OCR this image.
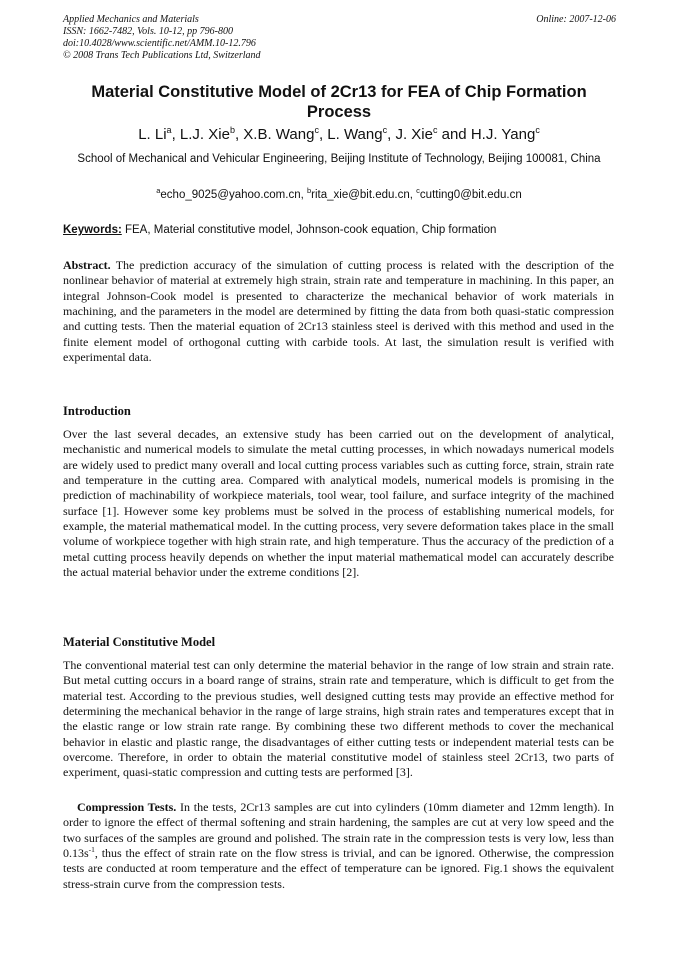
Applied Mechanics and Materials
ISSN: 1662-7482, Vols. 10-12, pp 796-800
doi:10.4028/www.scientific.net/AMM.10-12.796
© 2008 Trans Tech Publications Ltd, Switzerland
Online: 2007-12-06
Material Constitutive Model of 2Cr13 for FEA of Chip Formation Process
L. Li$^a$, L.J. Xie$^b$, X.B. Wang$^c$, L. Wang$^c$, J. Xie$^c$ and H.J. Yang$^c$
School of Mechanical and Vehicular Engineering, Beijing Institute of Technology, Beijing 100081, China
$^a$echo_9025@yahoo.com.cn, $^b$rita_xie@bit.edu.cn, $^c$cutting0@bit.edu.cn
Keywords: FEA, Material constitutive model, Johnson-cook equation, Chip formation
Abstract. The prediction accuracy of the simulation of cutting process is related with the description of the nonlinear behavior of material at extremely high strain, strain rate and temperature in machining. In this paper, an integral Johnson-Cook model is presented to characterize the mechanical behavior of work materials in machining, and the parameters in the model are determined by fitting the data from both quasi-static compression and cutting tests. Then the material equation of 2Cr13 stainless steel is derived with this method and used in the finite element model of orthogonal cutting with carbide tools. At last, the simulation result is verified with experimental data.
Introduction
Over the last several decades, an extensive study has been carried out on the development of analytical, mechanistic and numerical models to simulate the metal cutting processes, in which nowadays numerical models are widely used to predict many overall and local cutting process variables such as cutting force, strain, strain rate and temperature in the cutting area. Compared with analytical models, numerical models is promising in the prediction of machinability of workpiece materials, tool wear, tool failure, and surface integrity of the machined surface [1]. However some key problems must be solved in the process of establishing numerical models, for example, the material mathematical model. In the cutting process, very severe deformation takes place in the small volume of workpiece together with high strain rate, and high temperature. Thus the accuracy of the prediction of a metal cutting process heavily depends on whether the input material mathematical model can accurately describe the actual material behavior under the extreme conditions [2].
Material Constitutive Model
The conventional material test can only determine the material behavior in the range of low strain and strain rate. But metal cutting occurs in a board range of strains, strain rate and temperature, which is difficult to get from the material test. According to the previous studies, well designed cutting tests may provide an effective method for determining the mechanical behavior in the range of large strains, high strain rates and temperatures except that in the elastic range or low strain rate range. By combining these two different methods to cover the mechanical behavior in elastic and plastic range, the disadvantages of either cutting tests or independent material tests can be overcome. Therefore, in order to obtain the material constitutive model of stainless steel 2Cr13, two parts of experiment, quasi-static compression and cutting tests are performed [3].
Compression Tests. In the tests, 2Cr13 samples are cut into cylinders (10mm diameter and 12mm length). In order to ignore the effect of thermal softening and strain hardening, the samples are cut at very low speed and the two surfaces of the samples are ground and polished. The strain rate in the compression tests is very low, less than $0.13s^{-1}$, thus the effect of strain rate on the flow stress is trivial, and can be ignored. Otherwise, the compression tests are conducted at room temperature and the effect of temperature can be ignored. Fig.1 shows the equivalent stress-strain curve from the compression tests.
